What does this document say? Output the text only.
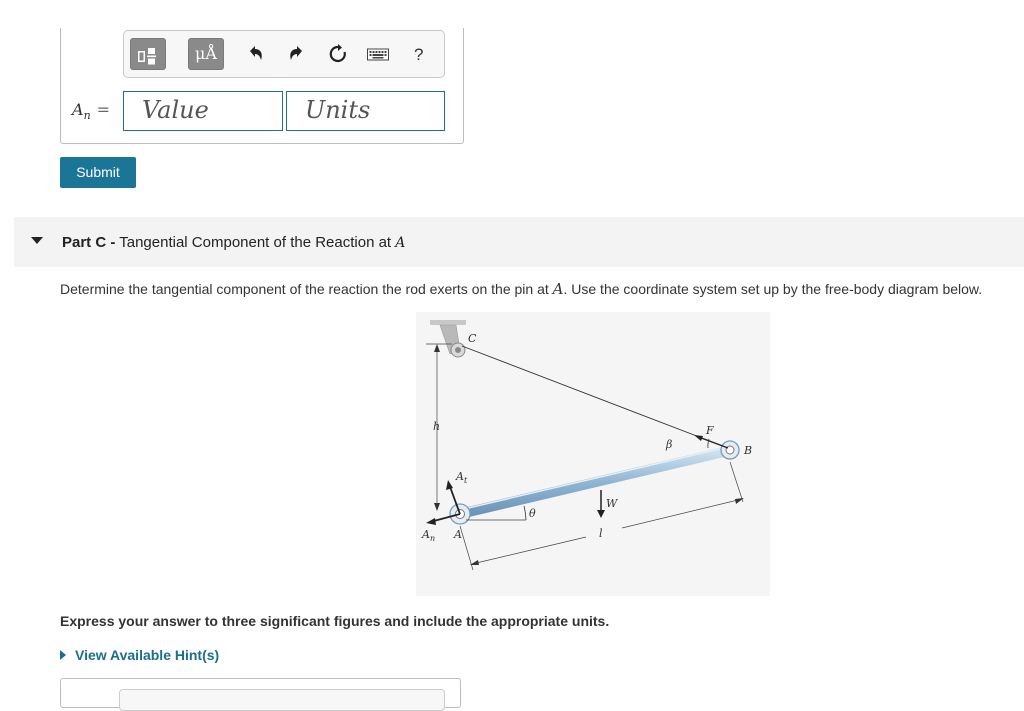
μÅ	?
$A_n$ =	Value	Units
Submit
Part C - Tangential Component of the Reaction at A
Determine the tangential component of the reaction the rod exerts on the pin at A. Use the coordinate system set up by the free-body diagram below.
C
h	F
β	B
$A_t$
W
θ
$A_n$ A	l
Express your answer to three significant figures and include the appropriate units.
View Available Hint(s)
